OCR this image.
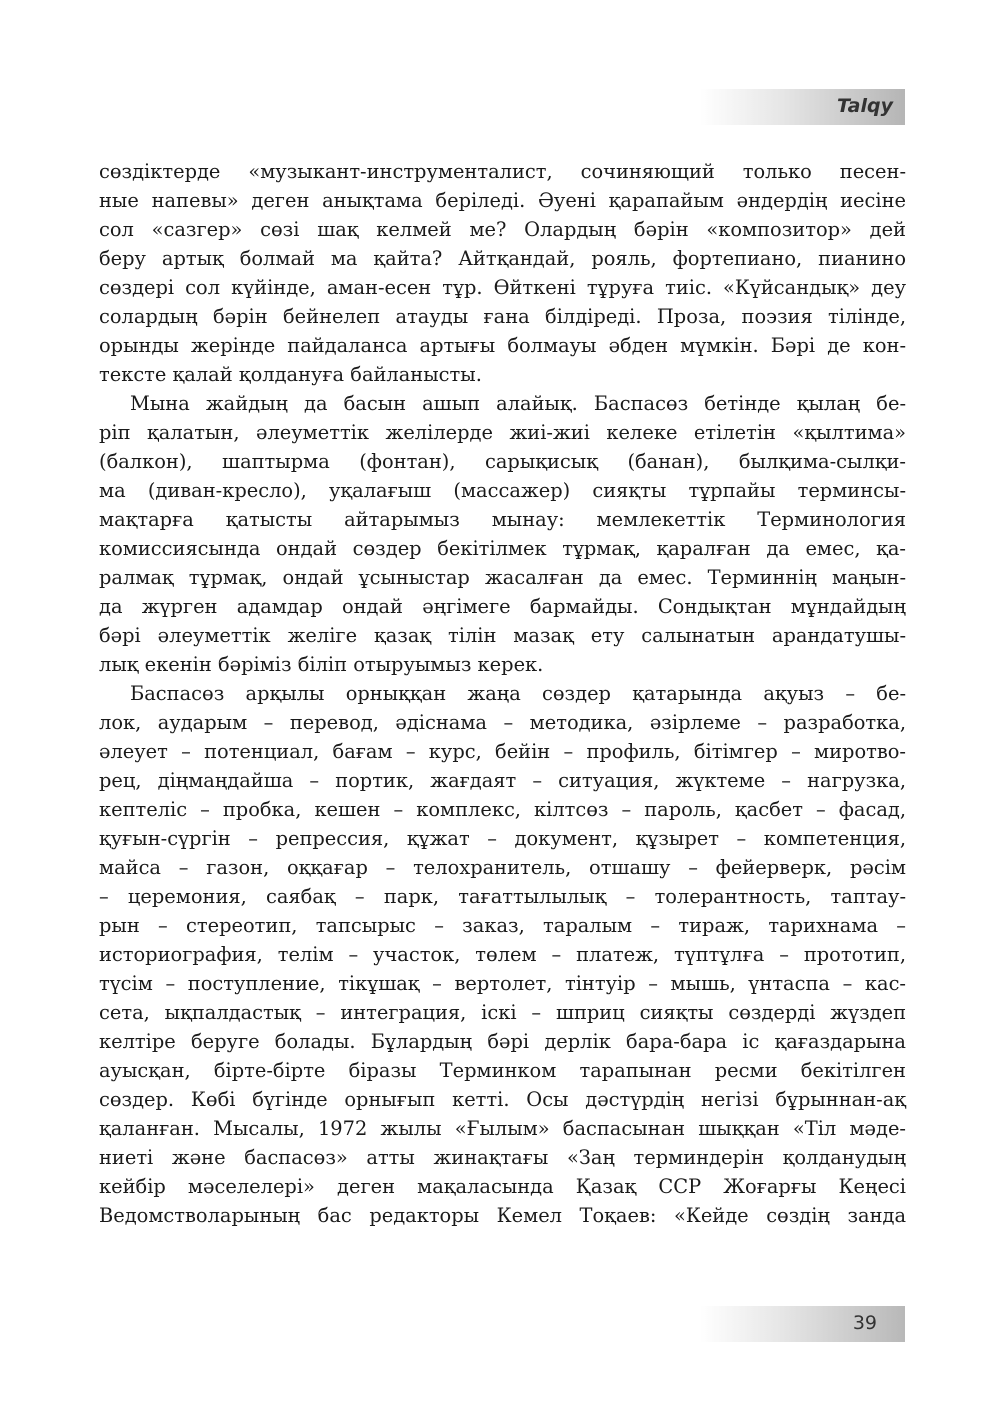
Talqy
сөздіктерде «музыкант-инструменталист, сочиняющий только песен-
ные напевы» деген анықтама беріледі. Әуені қарапайым әндердің иесіне
сол «сазгер» сөзі шақ келмей ме? Олардың бәрін «композитор» дей
беру артық болмай ма қайта? Айтқандай, рояль, фортепиано, пианино
сөздері сол күйінде, аман-есен тұр. Өйткені тұруға тиіс. «Күйсандық» деу
солардың бәрін бейнелеп атауды ғана білдіреді. Проза, поэзия тілінде,
орынды жерінде пайдаланса артығы болмауы әбден мүмкін. Бәрі де кон-
тексте қалай қолдануға байланысты.
Мына жайдың да басын ашып алайық. Баспасөз бетінде қылаң бе-
ріп қалатын, әлеуметтік желілерде жиі-жиі келеке етілетін «қылтима»
(балкон), шаптырма (фонтан), сарықисық (банан), былқима-сылқи-
ма (диван-кресло), уқалағыш (массажер) сияқты тұрпайы терминсы-
мақтарға қатысты айтарымыз мынау: мемлекеттік Терминология
комиссиясында ондай сөздер бекітілмек тұрмақ, қаралған да емес, қа-
ралмақ тұрмақ, ондай ұсыныстар жасалған да емес. Терминнің маңын-
да жүрген адамдар ондай әңгімеге бармайды. Сондықтан мұндайдың
бәрі әлеуметтік желіге қазақ тілін мазақ ету салынатын арандатушы-
лық екенін бәріміз біліп отыруымыз керек.
Баспасөз арқылы орныққан жаңа сөздер қатарында ақуыз – бе-
лок, аударым – перевод, әдіснама – методика, әзірлеме – разработка,
әлеует – потенциал, бағам – курс, бейін – профиль, бітімгер – миротво-
рец, діңмаңдайша – портик, жағдаят – ситуация, жүктеме – нагрузка,
кептеліс – пробка, кешен – комплекс, кілтсөз – пароль, қасбет – фасад,
қуғын-сүргін – репрессия, құжат – документ, құзырет – компетенция,
майса – газон, оққағар – телохранитель, отшашу – фейерверк, рәсім
– церемония, саябақ – парк, тағаттылылық – толерантность, таптау-
рын – стереотип, тапсырыс – заказ, таралым – тираж, тарихнама –
историография, телім – участок, төлем – платеж, түптұлға – прототип,
түсім – поступление, тікұшақ – вертолет, тінтуір – мышь, үнтаспа – кас-
сета, ықпалдастық – интеграция, іскі – шприц сияқты сөздерді жүздеп
келтіре беруге болады. Бұлардың бәрі дерлік бара-бара іс қағаздарына
ауысқан, біртe-біртe біразы Терминком тарапынан ресми бекітілген
сөздер. Көбі бүгінде орнығып кетті. Осы дәстүрдің негізі бұрыннан-ақ
қаланған. Мысалы, 1972 жылы «Ғылым» баспасынан шыққан «Тіл мәде-
ниеті және баспасөз» атты жинақтағы «Заң терминдерін қолданудың
кейбір мәселелері» деген мақаласында Қазақ ССР Жоғарғы Кеңесі
Ведомстволарының бас редакторы Кемел Тоқаев: «Кейде сөздің занда
39
